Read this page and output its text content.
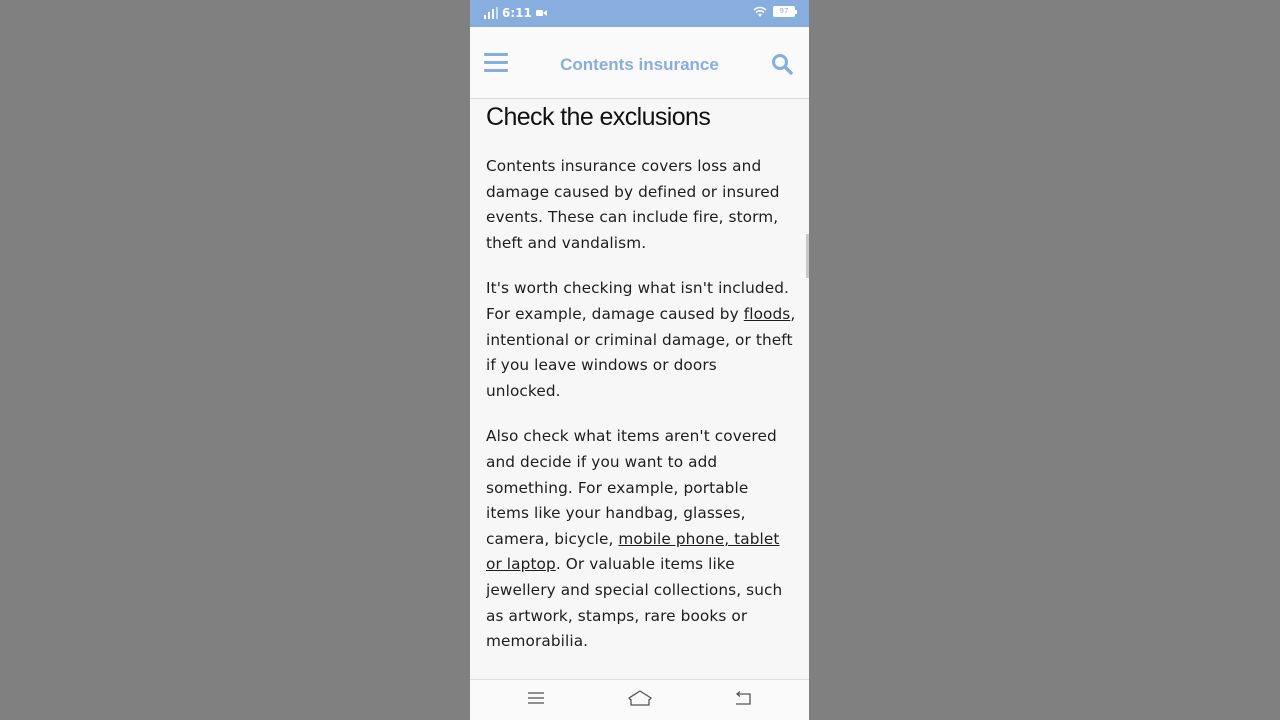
6:11	97
Contents insurance
Check the exclusions

Contents insurance covers loss and damage caused by defined or insured events. These can include fire, storm, theft and vandalism.

It's worth checking what isn't included. For example, damage caused by floods, intentional or criminal damage, or theft if you leave windows or doors unlocked.

Also check what items aren't covered and decide if you want to add something. For example, portable items like your handbag, glasses, camera, bicycle, mobile phone, tablet or laptop. Or valuable items like jewellery and special collections, such as artwork, stamps, rare books or memorabilia.
